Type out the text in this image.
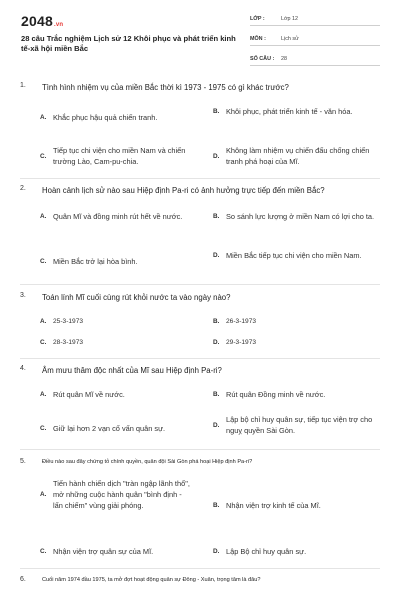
2048.vn
28 câu Trắc nghiệm Lịch sử 12 Khôi phục và phát triển kinh tế-xã hội miền Bắc
LỚP :	Lớp 12
MÔN :	Lịch sử
SỐ CÂU :	28
1.	Tình hình nhiệm vụ của miền Bắc thời kì 1973 - 1975 có gì khác trước?
A. Khắc phục hậu quả chiến tranh.
B. Khôi phục, phát triển kinh tế - văn hóa.
C.
Tiếp tục chi viện cho miền Nam và chiến trường Lào, Cam-pu-chia.
D.
Không làm nhiệm vụ chiến đấu chống chiến tranh phá hoại của Mĩ.
2.	Hoàn cảnh lịch sử nào sau Hiệp định Pa-ri có ảnh hưởng trực tiếp đến miền Bắc?
A. Quân Mĩ và đồng minh rút hết về nước.	B. So sánh lực lượng ở miền Nam có lợi cho ta.
C. Miền Bắc trở lại hòa bình.
D. Miền Bắc tiếp tục chi viện cho miền Nam.
3.	Toán lính Mĩ cuối cùng rút khỏi nước ta vào ngày nào?
A. 25-3-1973	B. 26-3-1973
C. 28-3-1973	D. 29-3-1973
4.	Âm mưu thâm độc nhất của Mĩ sau Hiệp định Pa-ri?
A. Rút quân Mĩ về nước.	B. Rút quân Đồng minh về nước.
C. Giữ lại hơn 2 vạn cố vấn quân sự.	D.
Lập bộ chỉ huy quân sự, tiếp tục viện trợ cho nguỵ quyền Sài Gòn.
5.	Điều nào sau đây chứng tỏ chính quyền, quân đội Sài Gòn phá hoại Hiệp định Pa-ri?
A.
Tiến hành chiến dịch "tràn ngập lãnh thổ", mở những cuộc hành quân "bình định - lấn chiếm" vùng giải phóng.	B. Nhận viện trợ kinh tế của Mĩ.
C. Nhận viện trợ quân sự của Mĩ.	D. Lập Bộ chỉ huy quân sự.
6.	Cuối năm 1974 đầu 1975, ta mở đợt hoạt động quân sự Đông - Xuân, trọng tâm là đâu?
